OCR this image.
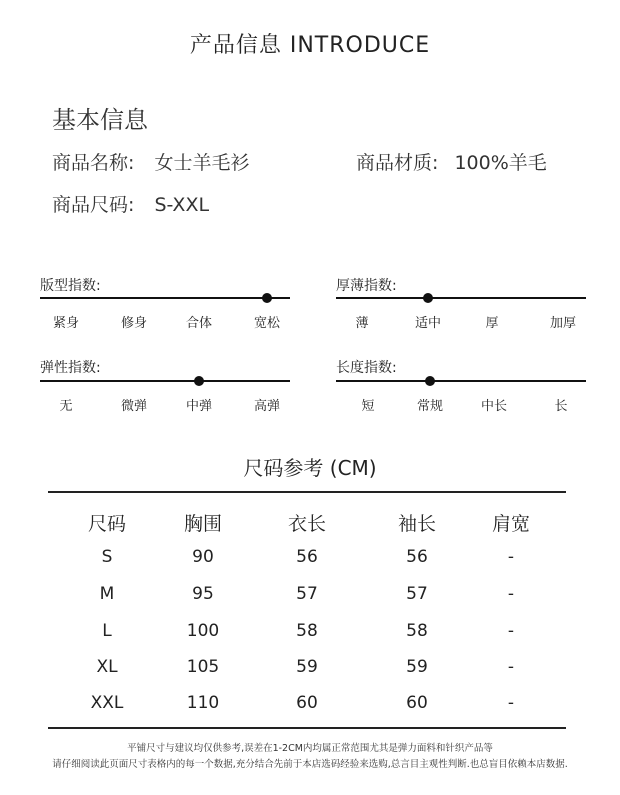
产品信息 INTRODUCE
基本信息
商品名称: 女士羊毛衫	商品材质: 100%羊毛
商品尺码: S-XXL
版型指数:
紧身	修身	合体	宽松
厚薄指数:
薄	适中	厚	加厚
弹性指数:
无	微弹	中弹	高弹
长度指数:
短	常规	中长	长
尺码参考 (CM)
尺码	胸围	衣长	袖长	肩宽
S	90	56	56	-
M	95	57	57	-
L	100	58	58	-
XL	105	59	59	-
XXL	110	60	60	-
平铺尺寸与建议均仅供参考,误差在1-2CM内均属正常范围尤其是弹力面料和针织产品等
请仔细阅读此页面尺寸表格内的每一个数据,充分结合先前于本店选码经验来选购,总言目主观性判断.也总盲目依赖本店数据.
